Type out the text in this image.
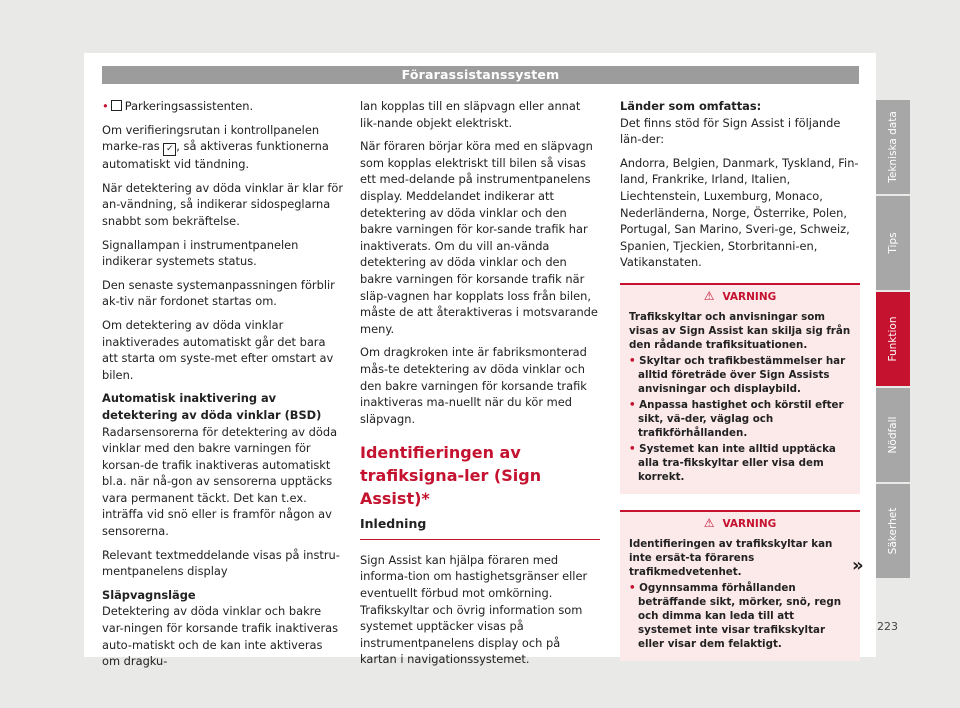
Förarassistanssystem

• Parkeringsassistenten.

Om verifieringsrutan i kontrollpanelen marke-ras ✓ , så aktiveras funktionerna automatiskt vid tändning.

När detektering av döda vinklar är klar för an-vändning, så indikerar sidospeglarna snabbt som bekräftelse.

Signallampan i instrumentpanelen indikerar systemets status.

Den senaste systemanpassningen förblir ak-tiv när fordonet startas om.

Om detektering av döda vinklar inaktiverades automatiskt går det bara att starta om syste-met efter omstart av bilen.

Automatisk inaktivering av detektering av döda vinklar (BSD)

Radarsensorerna för detektering av döda vinklar med den bakre varningen för korsan-de trafik inaktiveras automatiskt bl.a. när nå-gon av sensorerna upptäcks vara permanent täckt. Det kan t.ex. inträffa vid snö eller is framför någon av sensorerna.

Relevant textmeddelande visas på instru-mentpanelens display

Släpvagnsläge

Detektering av döda vinklar och bakre var-ningen för korsande trafik inaktiveras auto-matiskt och de kan inte aktiveras om dragku-

lan kopplas till en släpvagn eller annat lik-nande objekt elektriskt.

När föraren börjar köra med en släpvagn som kopplas elektriskt till bilen så visas ett med-delande på instrumentpanelens display. Meddelandet indikerar att detektering av döda vinklar och den bakre varningen för kor-sande trafik har inaktiverats. Om du vill an-vända detektering av döda vinklar och den bakre varningen för korsande trafik när släp-vagnen har kopplats loss från bilen, måste de att återaktiveras i motsvarande meny.

Om dragkroken inte är fabriksmonterad mås-te detektering av döda vinklar och den bakre varningen för korsande trafik inaktiveras ma-nuellt när du kör med släpvagn.

Identifieringen av trafiksigna-ler (Sign Assist)*
Inledning

Sign Assist kan hjälpa föraren med informa-tion om hastighetsgränser eller eventuellt förbud mot omkörning. Trafikskyltar och övrig information som systemet upptäcker visas på instrumentpanelens display och på kartan i navigationssystemet.

Länder som omfattas:

Det finns stöd för Sign Assist i följande län-der:

Andorra, Belgien, Danmark, Tyskland, Fin-land, Frankrike, Irland, Italien, Liechtenstein, Luxemburg, Monaco, Nederländerna, Norge, Österrike, Polen, Portugal, San Marino, Sveri-ge, Schweiz, Spanien, Tjeckien, Storbritanni-en, Vatikanstaten.

⚠ VARNING

Trafikskyltar och anvisningar som visas av Sign Assist kan skilja sig från den rådande trafiksituationen.

• Skyltar och trafikbestämmelser har alltid företräde över Sign Assists anvisningar och displaybild.

• Anpassa hastighet och körstil efter sikt, vä-der, väglag och trafikförhållanden.

• Systemet kan inte alltid upptäcka alla tra-fikskyltar eller visa dem korrekt.

⚠ VARNING

Identifieringen av trafikskyltar kan inte ersät-ta förarens trafikmedvetenhet.

• Ogynnsamma förhållanden beträffande sikt, mörker, snö, regn och dimma kan leda till att systemet inte visar trafikskyltar eller visar dem felaktigt.

»
Tekniska data
Tips
Funktion
Nödfall
Säkerhet
223
